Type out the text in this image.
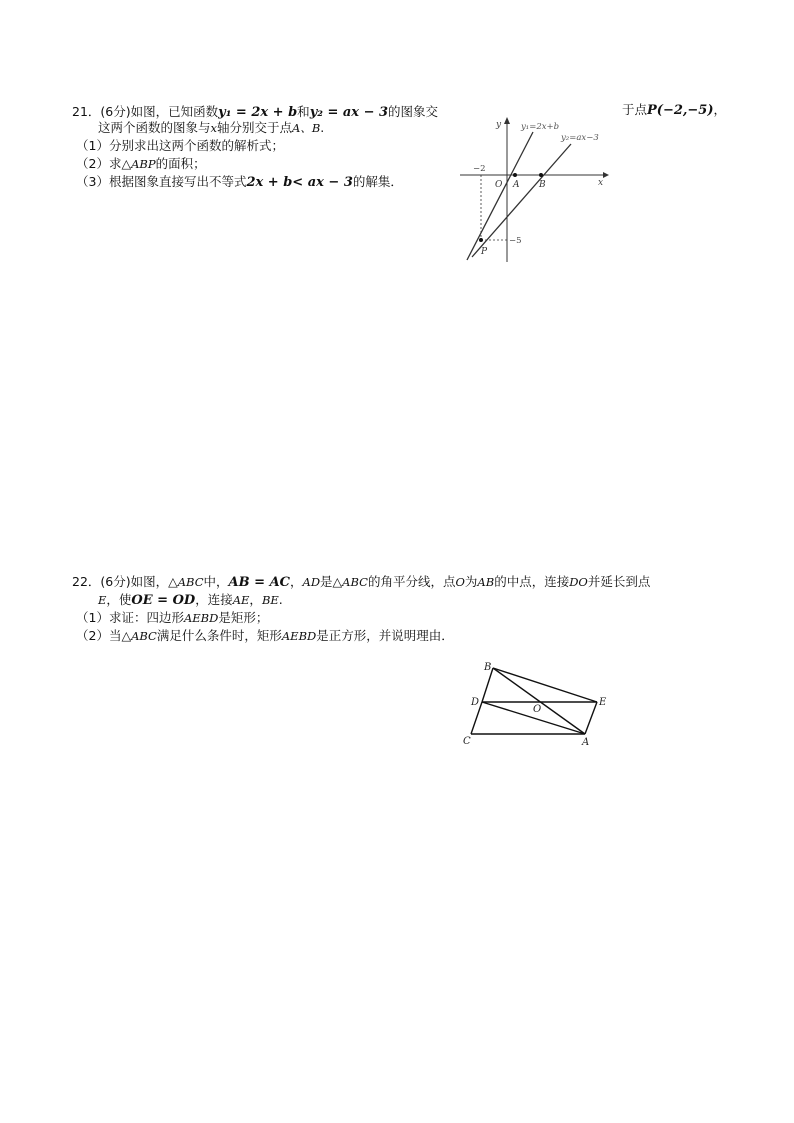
21．(6分)如图，已知函数y₁ = 2x + b和y₂ = ax − 3的图象交	于点P(−2,−5)，
这两个函数的图象与x轴分别交于点A、B.
（1）分别求出这两个函数的解析式；
（2）求△ABP的面积；
（3）根据图象直接写出不等式2x + b< ax − 3的解集．
y
x
y₁=2x+b
y₂=ax−3
−2
−5
O A B
P
22．(6分)如图，△ABC中，AB = AC，AD是△ABC的角平分线，点O为AB的中点，连接DO并延长到点
E，使OE = OD，连接AE，BE.
（1）求证：四边形AEBD是矩形；
（2）当△ABC满足什么条件时，矩形AEBD是正方形，并说明理由．
B
D
O
E
C	A
